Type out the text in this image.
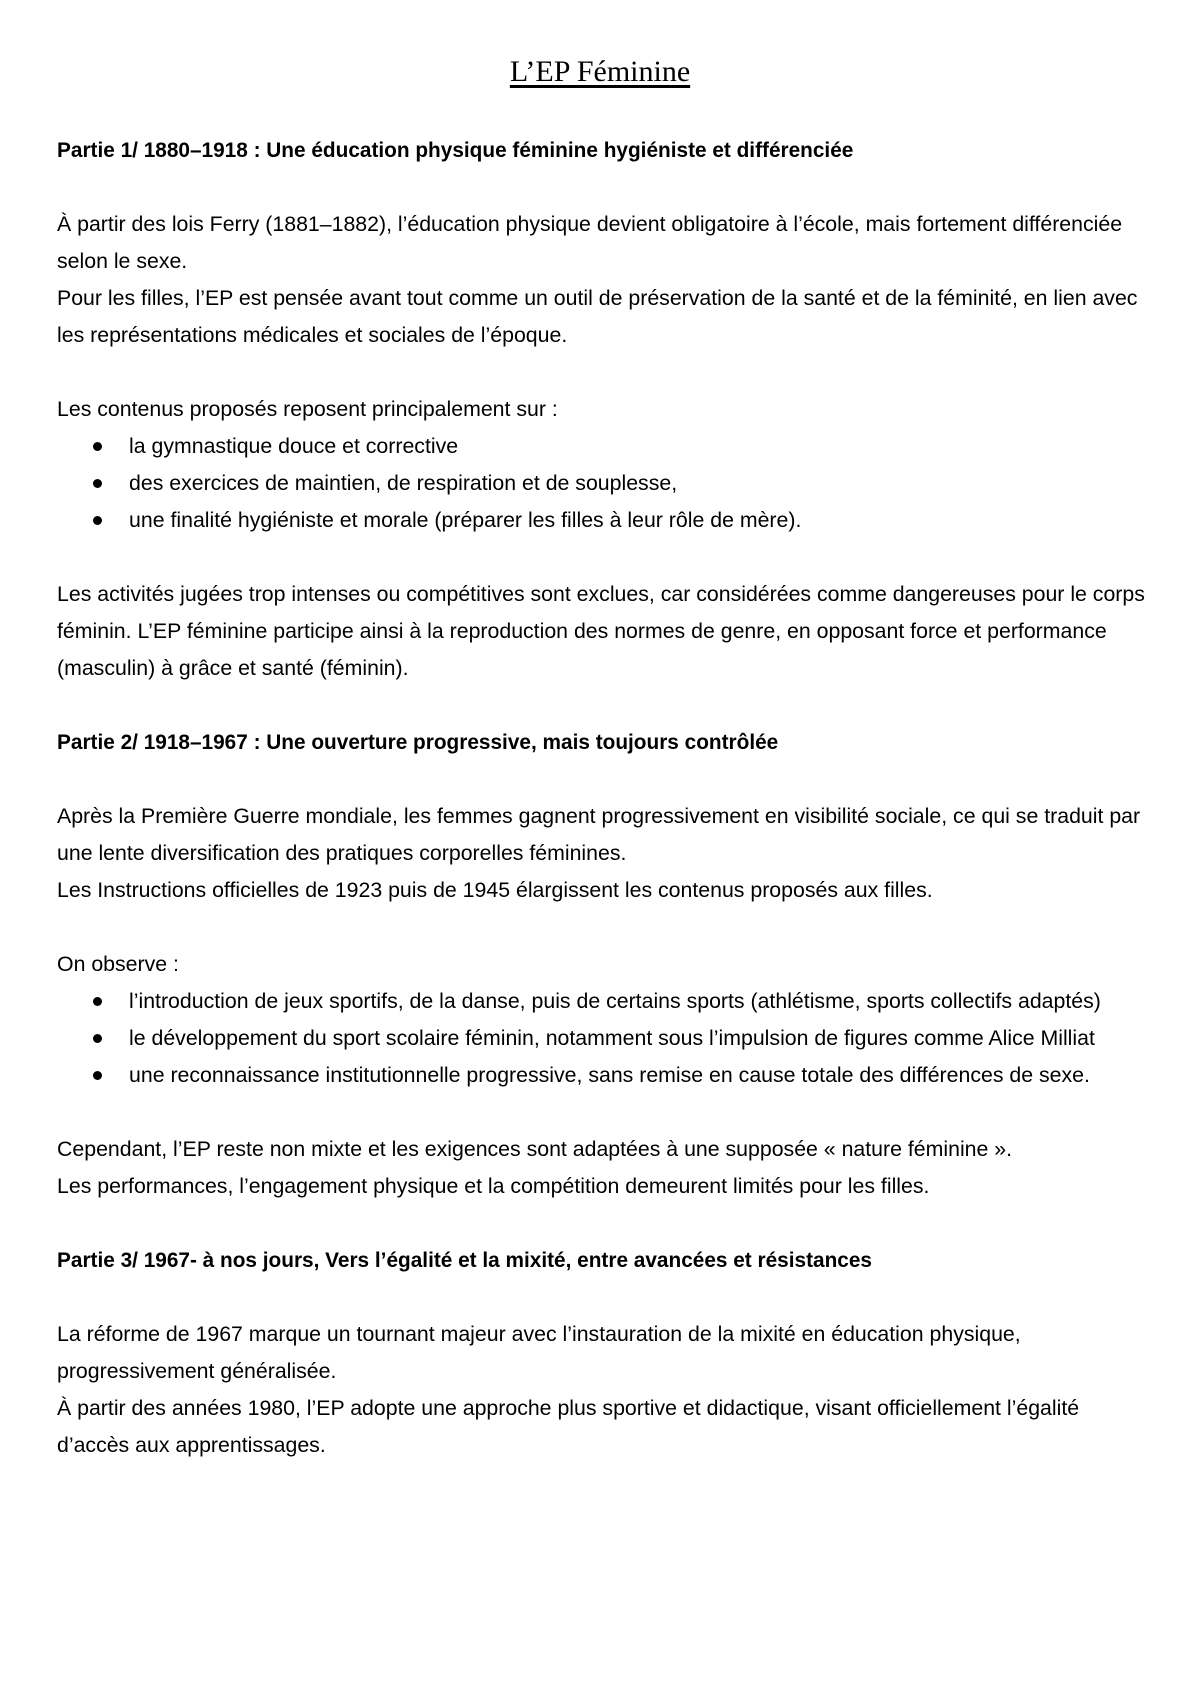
L’EP Féminine

Partie 1/ 1880–1918 : Une éducation physique féminine hygiéniste et différenciée

À partir des lois Ferry (1881–1882), l’éducation physique devient obligatoire à l’école, mais fortement différenciée selon le sexe.

Pour les filles, l’EP est pensée avant tout comme un outil de préservation de la santé et de la féminité, en lien avec les représentations médicales et sociales de l’époque.

Les contenus proposés reposent principalement sur :

la gymnastique douce et corrective
des exercices de maintien, de respiration et de souplesse,
une finalité hygiéniste et morale (préparer les filles à leur rôle de mère).

Les activités jugées trop intenses ou compétitives sont exclues, car considérées comme dangereuses pour le corps féminin. L’EP féminine participe ainsi à la reproduction des normes de genre, en opposant force et performance (masculin) à grâce et santé (féminin).

Partie 2/ 1918–1967 : Une ouverture progressive, mais toujours contrôlée

Après la Première Guerre mondiale, les femmes gagnent progressivement en visibilité sociale, ce qui se traduit par une lente diversification des pratiques corporelles féminines.

Les Instructions officielles de 1923 puis de 1945 élargissent les contenus proposés aux filles.

On observe :

l’introduction de jeux sportifs, de la danse, puis de certains sports (athlétisme, sports collectifs adaptés)
le développement du sport scolaire féminin, notamment sous l’impulsion de figures comme Alice Milliat
une reconnaissance institutionnelle progressive, sans remise en cause totale des différences de sexe.

Cependant, l’EP reste non mixte et les exigences sont adaptées à une supposée « nature féminine ».

Les performances, l’engagement physique et la compétition demeurent limités pour les filles.

Partie 3/ 1967- à nos jours, Vers l’égalité et la mixité, entre avancées et résistances

La réforme de 1967 marque un tournant majeur avec l’instauration de la mixité en éducation physique, progressivement généralisée.

À partir des années 1980, l’EP adopte une approche plus sportive et didactique, visant officiellement l’égalité d’accès aux apprentissages.
